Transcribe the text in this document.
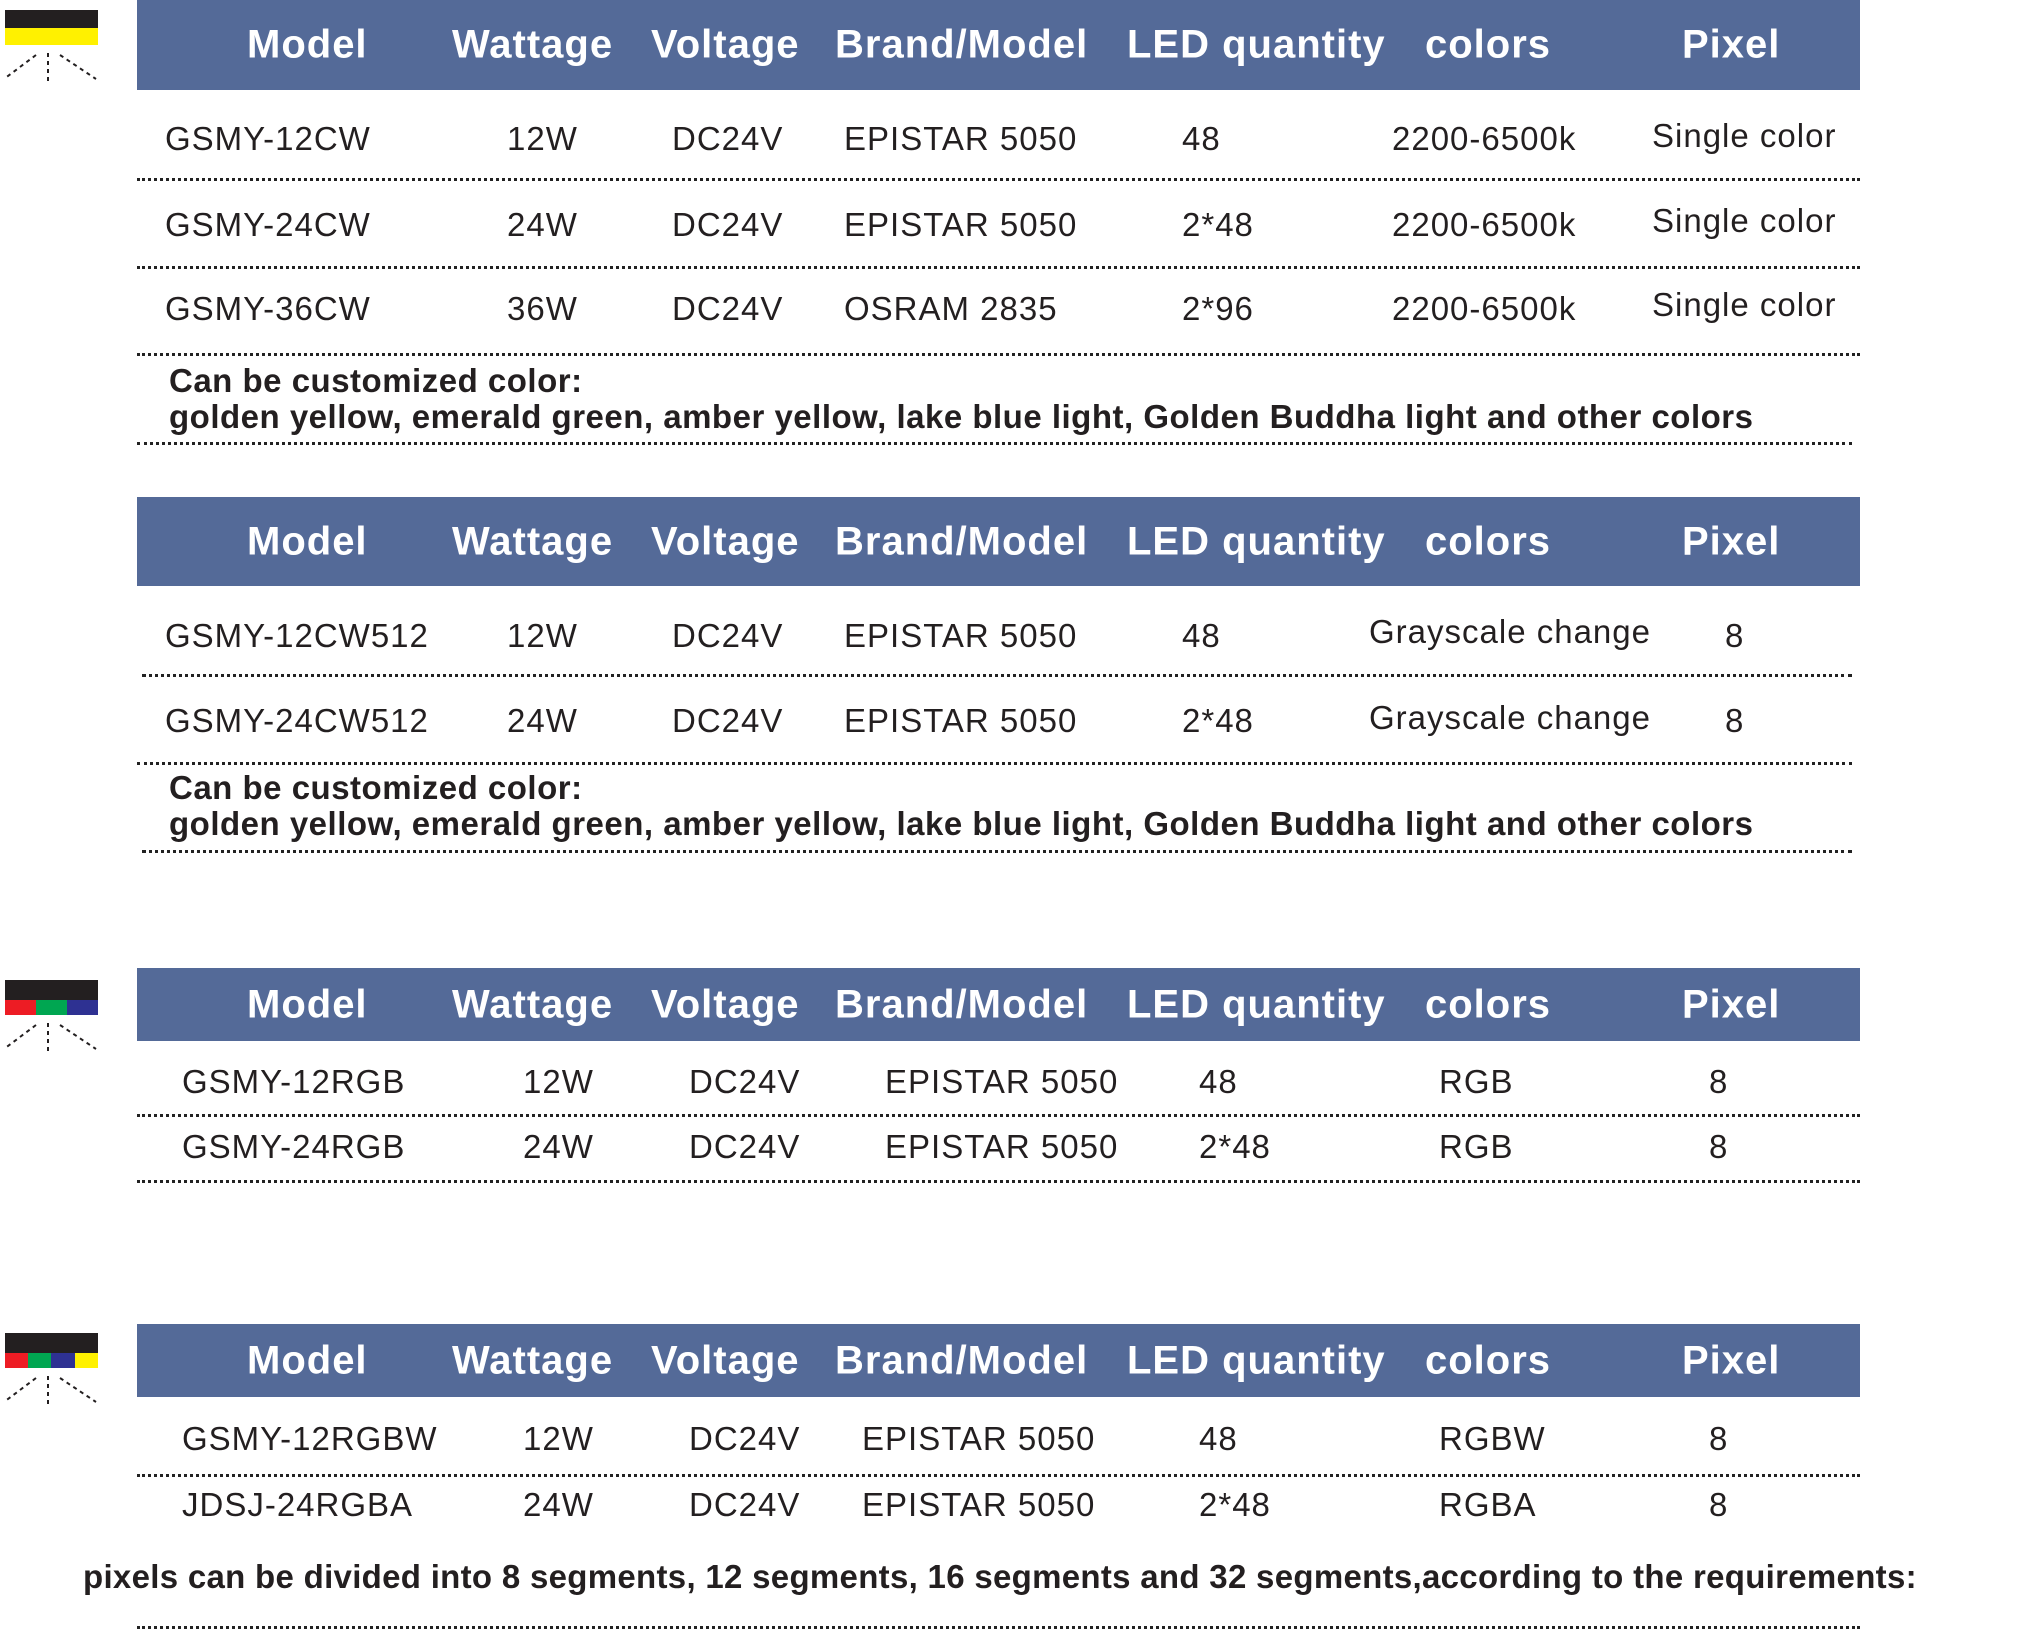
Model Wattage Voltage Brand/Model LED quantity colors	Pixel
GSMY-12CW	12W	DC24V EPISTAR 5050	48	2200-6500k Single color
GSMY-24CW	24W	DC24V EPISTAR 5050	2*48	2200-6500k Single color
GSMY-36CW	36W	DC24V OSRAM 2835	2*96	2200-6500k Single color
Can be customized color:
golden yellow, emerald green, amber yellow, lake blue light, Golden Buddha light and other colors
Model Wattage Voltage Brand/Model LED quantity colors	Pixel
GSMY-12CW512 12W	DC24V EPISTAR 5050	48	Grayscale change 8
GSMY-24CW512 24W	DC24V EPISTAR 5050	2*48	Grayscale change 8
Can be customized color:
golden yellow, emerald green, amber yellow, lake blue light, Golden Buddha light and other colors
Model Wattage Voltage Brand/Model LED quantity colors	Pixel
GSMY-12RGB	12W	DC24V	EPISTAR 5050 48	RGB	8
GSMY-24RGB	24W	DC24V	EPISTAR 5050 2*48	RGB	8
Model Wattage Voltage Brand/Model LED quantity colors	Pixel
GSMY-12RGBW	12W	DC24V EPISTAR 5050	48	RGBW	8
JDSJ-24RGBA	24W	DC24V EPISTAR 5050	2*48	RGBA	8
pixels can be divided into 8 segments, 12 segments, 16 segments and 32 segments,according to the requirements:
